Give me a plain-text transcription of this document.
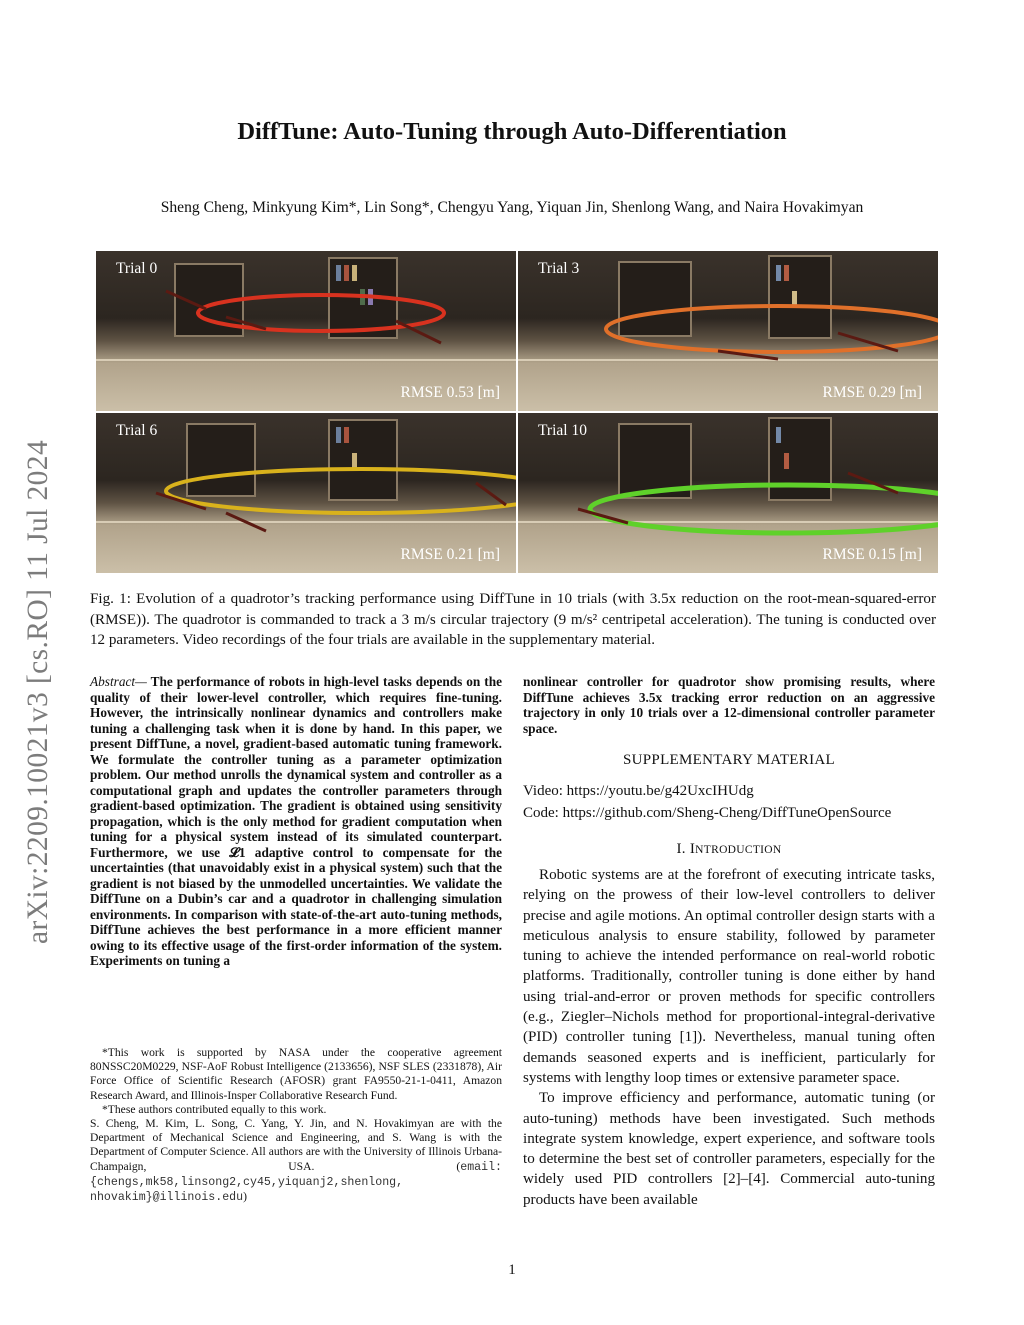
arXiv:2209.10021v3 [cs.RO] 11 Jul 2024
DiffTune: Auto-Tuning through Auto-Differentiation
Sheng Cheng, Minkyung Kim*, Lin Song*, Chengyu Yang, Yiquan Jin, Shenlong Wang, and Naira Hovakimyan
Trial 0
RMSE 0.53 [m]
Trial 3
RMSE 0.29 [m]
Trial 6
RMSE 0.21 [m]
Trial 10
RMSE 0.15 [m]
Fig. 1: Evolution of a quadrotor’s tracking performance using DiffTune in 10 trials (with 3.5x reduction on the root-mean-squared-error (RMSE)). The quadrotor is commanded to track a 3 m/s circular trajectory (9 m/s² centripetal acceleration). The tuning is conducted over 12 parameters. Video recordings of the four trials are available in the supplementary material.
Abstract— The performance of robots in high-level tasks depends on the quality of their lower-level controller, which requires fine-tuning. However, the intrinsically nonlinear dynamics and controllers make tuning a challenging task when it is done by hand. In this paper, we present DiffTune, a novel, gradient-based automatic tuning framework. We formulate the controller tuning as a parameter optimization problem. Our method unrolls the dynamical system and controller as a computational graph and updates the controller parameters through gradient-based optimization. The gradient is obtained using sensitivity propagation, which is the only method for gradient computation when tuning for a physical system instead of its simulated counterpart. Furthermore, we use 𝓛1 adaptive control to compensate for the uncertainties (that unavoidably exist in a physical system) such that the gradient is not biased by the unmodelled uncertainties. We validate the DiffTune on a Dubin’s car and a quadrotor in challenging simulation environments. In comparison with state-of-the-art auto-tuning methods, DiffTune achieves the best performance in a more efficient manner owing to its effective usage of the first-order information of the system. Experiments on tuning a

*This work is supported by NASA under the cooperative agreement 80NSSC20M0229, NSF-AoF Robust Intelligence (2133656), NSF SLES (2331878), Air Force Office of Scientific Research (AFOSR) grant FA9550-21-1-0411, Amazon Research Award, and Illinois-Insper Collaborative Research Fund.

*These authors contributed equally to this work.

S. Cheng, M. Kim, L. Song, C. Yang, Y. Jin, and N. Hovakimyan are with the Department of Mechanical Science and Engineering, and S. Wang is with the Department of Computer Science. All authors are with the University of Illinois Urbana-Champaign, USA.	(email: {chengs,mk58,linsong2,cy45,yiquanj2,shenlong, nhovakim}@illinois.edu)

nonlinear controller for quadrotor show promising results, where DiffTune achieves 3.5x tracking error reduction on an aggressive trajectory in only 10 trials over a 12-dimensional controller parameter space.

SUPPLEMENTARY MATERIAL
Video: https://youtu.be/g42UxcIHUdg
Code: https://github.com/Sheng-Cheng/DiffTuneOpenSource
I. INTRODUCTION

Robotic systems are at the forefront of executing intricate tasks, relying on the prowess of their low-level controllers to deliver precise and agile motions. An optimal controller design starts with a meticulous analysis to ensure stability, followed by parameter tuning to achieve the intended performance on real-world robotic platforms. Traditionally, controller tuning is done either by hand using trial-and-error or proven methods for specific controllers (e.g., Ziegler–Nichols method for proportional-integral-derivative (PID) controller tuning [1]). Nevertheless, manual tuning often demands seasoned experts and is inefficient, particularly for systems with lengthy loop times or extensive parameter space.

To improve efficiency and performance, automatic tuning (or auto-tuning) methods have been investigated. Such methods integrate system knowledge, expert experience, and software tools to determine the best set of controller parameters, especially for the widely used PID controllers [2]–[4]. Commercial auto-tuning products have been available

1
